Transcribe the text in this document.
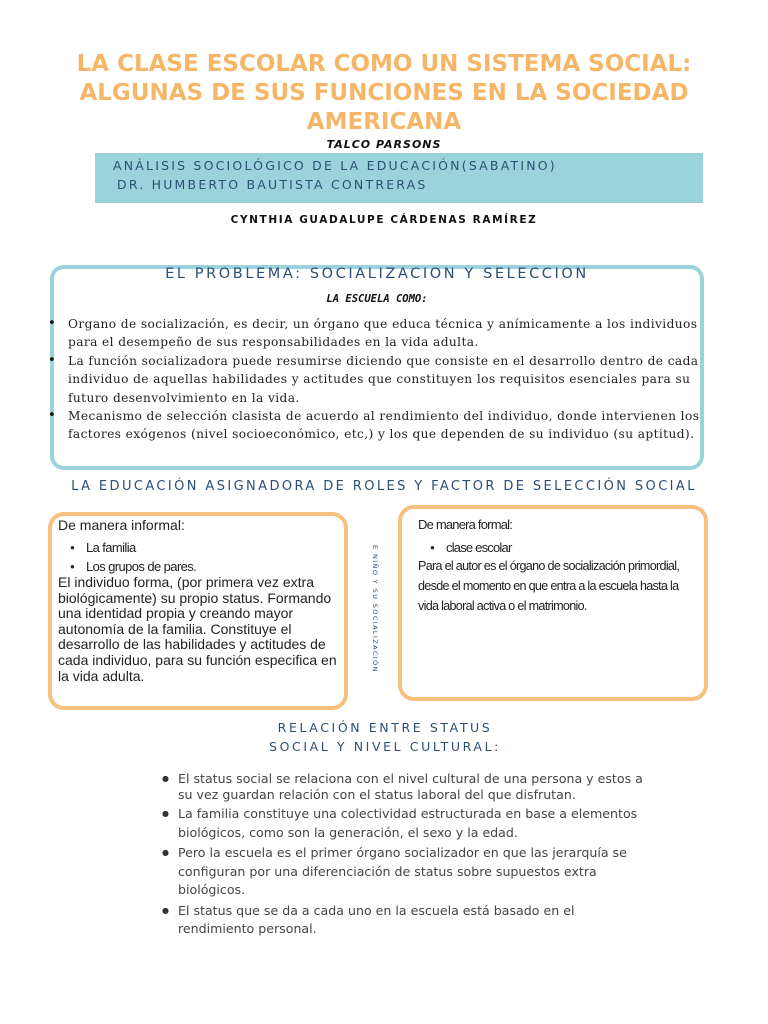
LA CLASE ESCOLAR COMO UN SISTEMA SOCIAL: ALGUNAS DE SUS FUNCIONES EN LA SOCIEDAD AMERICANA
TALCO PARSONS
ANÁLISIS SOCIOLÓGICO DE LA EDUCACIÓN(SABATINO)
DR. HUMBERTO BAUTISTA CONTRERAS
CYNTHIA GUADALUPE CÁRDENAS RAMÍREZ
EL PROBLEMA: SOCIALIZACION Y SELECCION
LA ESCUELA COMO:
• Organo de socialización, es decir, un órgano que educa técnica y anímicamente a los individuos para el desempeño de sus responsabilidades en la vida adulta.
• La función socializadora puede resumirse diciendo que consiste en el desarrollo dentro de cada individuo de aquellas habilidades y actitudes que constituyen los requisitos esenciales para su futuro desenvolvimiento en la vida.
• Mecanismo de selección clasista de acuerdo al rendimiento del individuo, donde intervienen los factores exógenos (nivel socioeconómico, etc,) y los que dependen de su individuo (su aptitud).
LA EDUCACIÓN ASIGNADORA DE ROLES Y FACTOR DE SELECCIÓN SOCIAL
De manera informal:
● La familia
● Los grupos de pares.
El individuo forma, (por primera vez extra biológicamente) su propio status. Formando una identidad propia y creando mayor autonomía de la familia. Constituye el desarrollo de las habilidades y actitudes de cada individuo, para su función especifica en la vida adulta.
E NIÑO Y SU SOCIALIZACIÓN
De manera formal:
● clase escolar
Para el autor es el órgano de socialización primordial, desde el momento en que entra a la escuela hasta la vida laboral activa o el matrimonio.
RELACIÓN ENTRE STATUS
SOCIAL Y NIVEL CULTURAL:
● El status social se relaciona con el nivel cultural de una persona y estos a su vez guardan relación con el status laboral del que disfrutan.
● La familia constituye una colectividad estructurada en base a elementos biológicos, como son la generación, el sexo y la edad.
● Pero la escuela es el primer órgano socializador en que las jerarquía se configuran por una diferenciación de status sobre supuestos extra biológicos.
● El status que se da a cada uno en la escuela está basado en el rendimiento personal.
